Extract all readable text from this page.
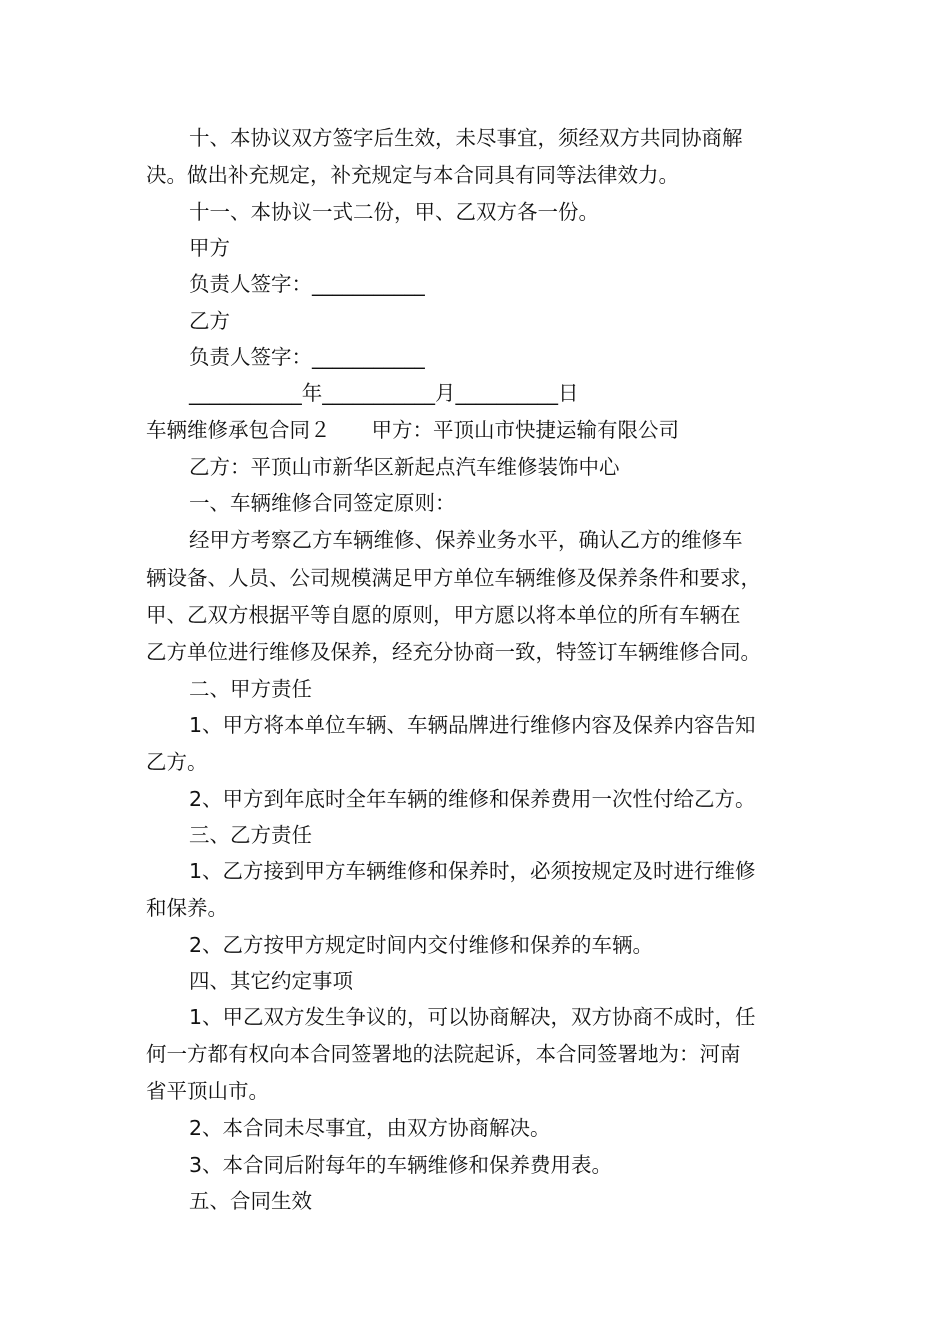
十、本协议双方签字后生效，未尽事宜，须经双方共同协商解
决。做出补充规定，补充规定与本合同具有同等法律效力。
十一、本协议一式二份，甲、乙双方各一份。
甲方
负责人签字：___________
乙方
负责人签字：___________
___________年___________月__________日
车辆维修承包合同２　　甲方：平顶山市快捷运输有限公司
乙方：平顶山市新华区新起点汽车维修装饰中心
一、车辆维修合同签定原则：
经甲方考察乙方车辆维修、保养业务水平，确认乙方的维修车
辆设备、人员、公司规模满足甲方单位车辆维修及保养条件和要求，
甲、乙双方根据平等自愿的原则，甲方愿以将本单位的所有车辆在
乙方单位进行维修及保养，经充分协商一致，特签订车辆维修合同。
二、甲方责任
1、甲方将本单位车辆、车辆品牌进行维修内容及保养内容告知
乙方。
2、甲方到年底时全年车辆的维修和保养费用一次性付给乙方。
三、乙方责任
1、乙方接到甲方车辆维修和保养时，必须按规定及时进行维修
和保养。
2、乙方按甲方规定时间内交付维修和保养的车辆。
四、其它约定事项
1、甲乙双方发生争议的，可以协商解决，双方协商不成时，任
何一方都有权向本合同签署地的法院起诉，本合同签署地为：河南
省平顶山市。
2、本合同未尽事宜，由双方协商解决。
3、本合同后附每年的车辆维修和保养费用表。
五、合同生效
